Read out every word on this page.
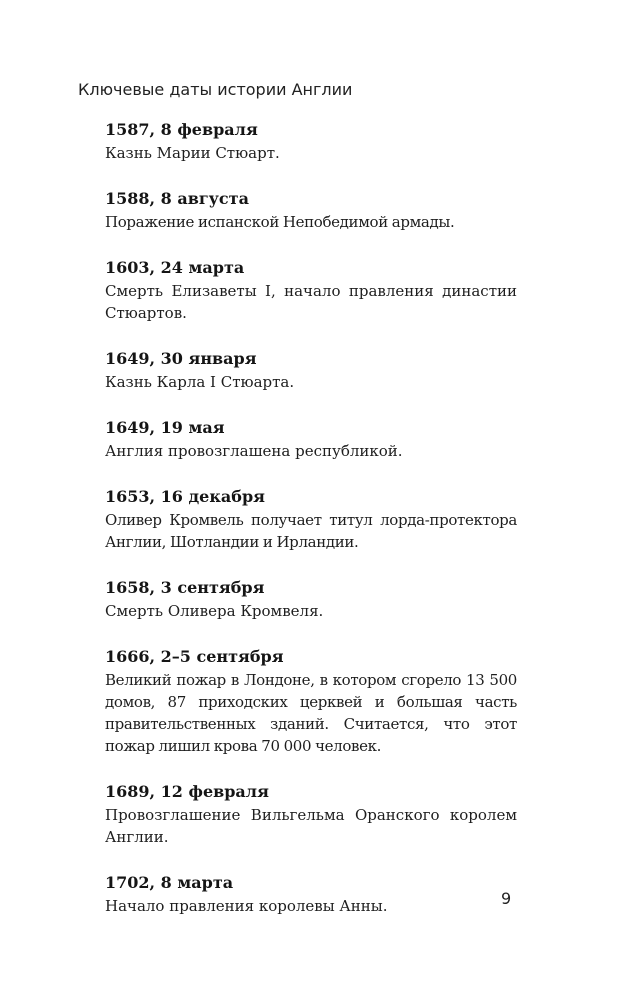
Ключевые даты истории Англии
1587, 8 февраля
Казнь Марии Стюарт.
1588, 8 августа
Поражение испанской Непобедимой армады.
1603, 24 марта
Смерть Елизаветы I, начало правления династии Стюартов.
1649, 30 января
Казнь Карла I Стюарта.
1649, 19 мая
Англия провозглашена республикой.
1653, 16 декабря
Оливер Кромвель получает титул лорда-протектора Англии, Шотландии и Ирландии.
1658, 3 сентября
Смерть Оливера Кромвеля.
1666, 2–5 сентября
Великий пожар в Лондоне, в котором сгорело 13 500 домов, 87 приходских церквей и большая часть правительственных зданий. Считается, что этот пожар лишил крова 70 000 человек.
1689, 12 февраля
Провозглашение Вильгельма Оранского королем Англии.
1702, 8 марта
Начало правления королевы Анны.	9
